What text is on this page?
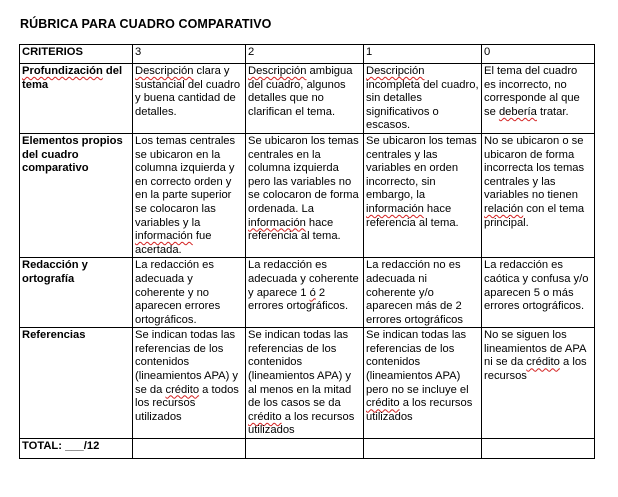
RÚBRICA PARA CUADRO COMPARATIVO
CRITERIOS	3	2	1	0
Profundización del tema	Descripción clara y sustancial del cuadro y buena cantidad de detalles.	Descripción ambigua del cuadro, algunos detalles que no clarifican el tema.	Descripción incompleta del cuadro, sin detalles significativos o escasos.	El tema del cuadro es incorrecto, no corresponde al que se debería tratar.
Elementos propios del cuadro comparativo	Los temas centrales se ubicaron en la columna izquierda y en correcto orden y en la parte superior se colocaron las variables y la información fue acertada.	Se ubicaron los temas centrales en la columna izquierda pero las variables no se colocaron de forma ordenada. La información hace referencia al tema.	Se ubicaron los temas centrales y las variables en orden incorrecto, sin embargo, la información hace referencia al tema.	No se ubicaron o se ubicaron de forma incorrecta los temas centrales y las variables no tienen relación con el tema principal.
Redacción y ortografía	La redacción es adecuada y coherente y no aparecen errores ortográficos.	La redacción es adecuada y coherente y aparece 1 ó 2 errores ortográficos.	La redacción no es adecuada ni coherente y/o aparecen más de 2 errores ortográficos	La redacción es caótica y confusa y/o aparecen 5 o más errores ortográficos.
Referencias	Se indican todas las referencias de los contenidos (lineamientos APA) y se da crédito a todos los recursos utilizados	Se indican todas las referencias de los contenidos (lineamientos APA) y al menos en la mitad de los casos se da crédito a los recursos utilizados	Se indican todas las referencias de los contenidos (lineamientos APA) pero no se incluye el crédito a los recursos utilizados	No se siguen los lineamientos de APA ni se da crédito a los recursos
TOTAL: ___/12				
